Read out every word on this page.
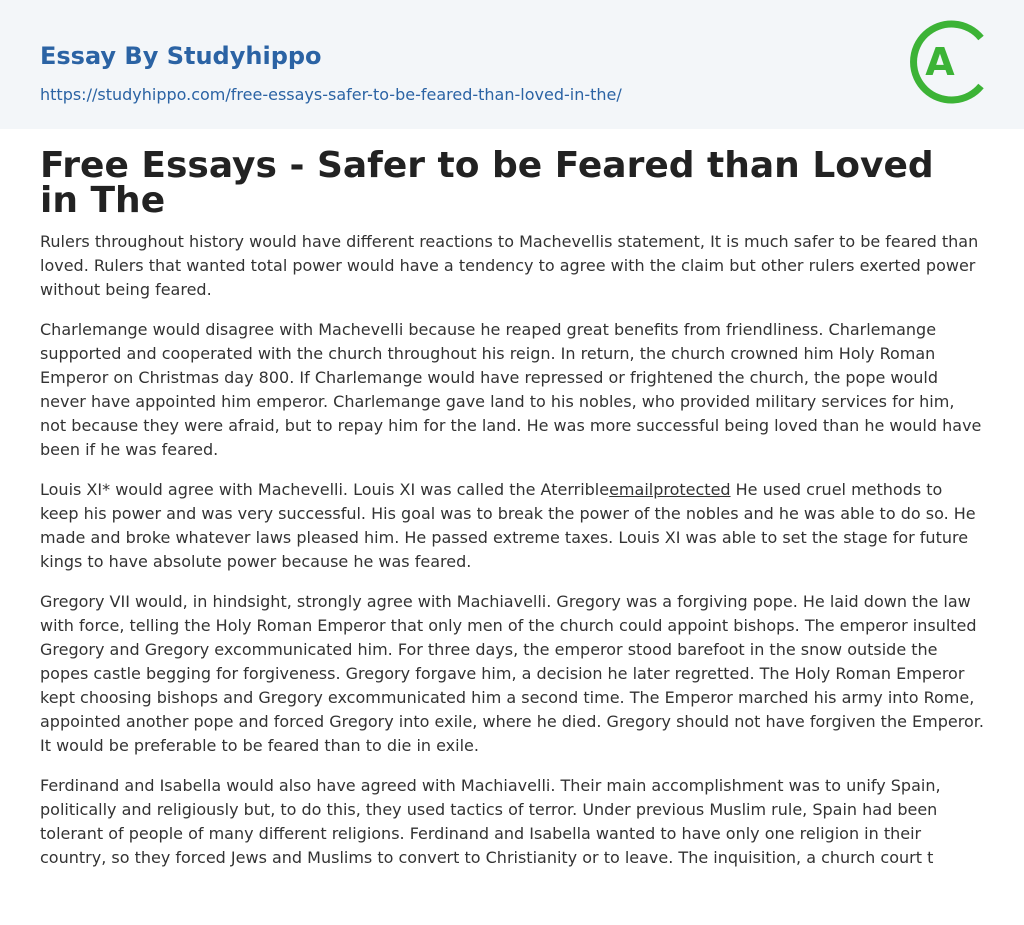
Essay By Studyhippo
https://studyhippo.com/free-essays-safer-to-be-feared-than-loved-in-the/
A
Free Essays - Safer to be Feared than Loved in The

Rulers throughout history would have different reactions to Machevellis statement, It is much safer to be feared than loved. Rulers that wanted total power would have a tendency to agree with the claim but other rulers exerted power without being feared.

Charlemange would disagree with Machevelli because he reaped great benefits from friendliness. Charlemange supported and cooperated with the church throughout his reign. In return, the church crowned him Holy Roman Emperor on Christmas day 800. If Charlemange would have repressed or frightened the church, the pope would never have appointed him emperor. Charlemange gave land to his nobles, who provided military services for him, not because they were afraid, but to repay him for the land. He was more successful being loved than he would have been if he was feared.

Louis XI* would agree with Machevelli. Louis XI was called the Aterribleemailprotected He used cruel methods to keep his power and was very successful. His goal was to break the power of the nobles and he was able to do so. He made and broke whatever laws pleased him. He passed extreme taxes. Louis XI was able to set the stage for future kings to have absolute power because he was feared.

Gregory VII would, in hindsight, strongly agree with Machiavelli. Gregory was a forgiving pope. He laid down the law with force, telling the Holy Roman Emperor that only men of the church could appoint bishops. The emperor insulted Gregory and Gregory excommunicated him. For three days, the emperor stood barefoot in the snow outside the popes castle begging for forgiveness. Gregory forgave him, a decision he later regretted. The Holy Roman Emperor kept choosing bishops and Gregory excommunicated him a second time. The Emperor marched his army into Rome, appointed another pope and forced Gregory into exile, where he died. Gregory should not have forgiven the Emperor. It would be preferable to be feared than to die in exile.

Ferdinand and Isabella would also have agreed with Machiavelli. Their main accomplishment was to unify Spain, politically and religiously but, to do this, they used tactics of terror. Under previous Muslim rule, Spain had been tolerant of people of many different religions. Ferdinand and Isabella wanted to have only one religion in their country, so they forced Jews and Muslims to convert to Christianity or to leave. The inquisition, a church court t
